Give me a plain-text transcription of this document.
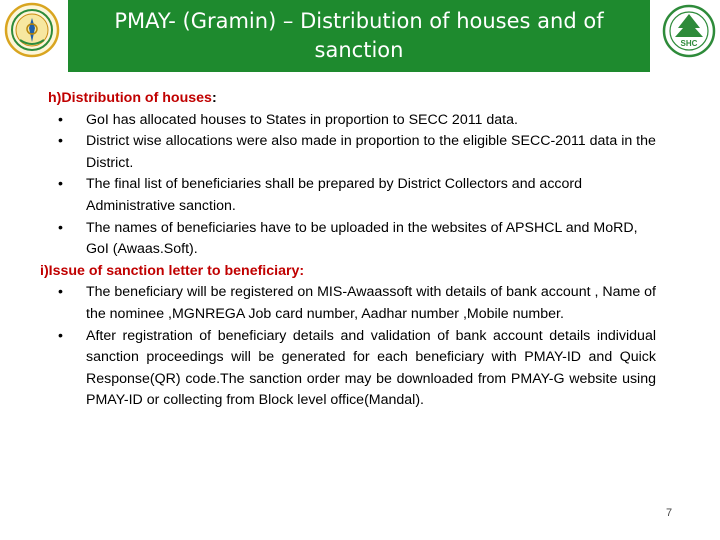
PMAY- (Gramin) – Distribution of houses and of sanction	SHC
h)Distribution of houses:
• GoI has allocated houses to States in proportion to SECC 2011 data.
• District wise allocations were also made in proportion to the eligible SECC-2011 data in the District.
• The final list of beneficiaries shall be prepared by District Collectors and accord Administrative sanction.
• The names of beneficiaries have to be uploaded in the websites of APSHCL and MoRD, GoI (Awaas.Soft).
i)Issue of sanction letter to beneficiary:
• The beneficiary will be registered on MIS-Awaassoft with details of bank account , Name of the nominee ,MGNREGA Job card number, Aadhar number ,Mobile number.
• After registration of beneficiary details and validation of bank account details individual sanction proceedings will be generated for each beneficiary with PMAY-ID and Quick Response(QR) code.The sanction order may be downloaded from PMAY-G website using PMAY-ID or collecting from Block level office(Mandal).
7
